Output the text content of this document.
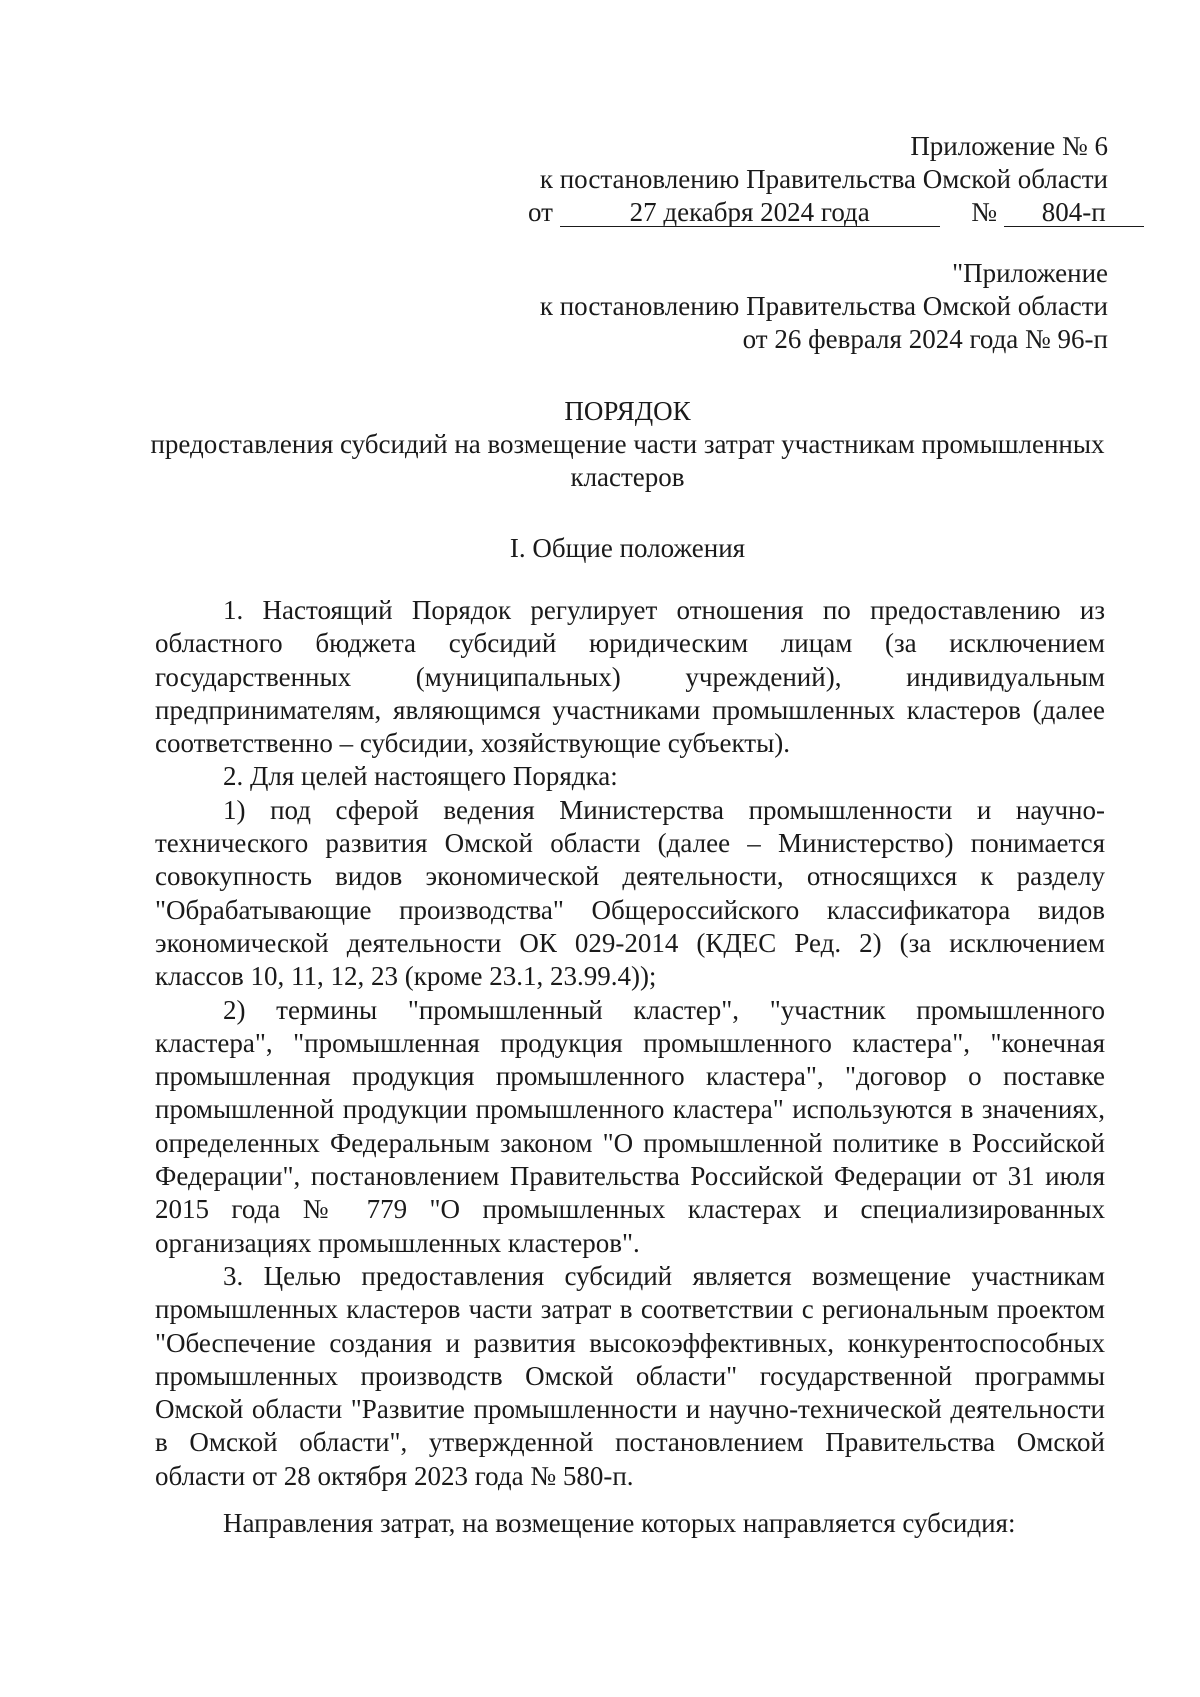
Приложение № 6
к постановлению Правительства Омской области
от	27 декабря 2024 года	№ 804-п
"Приложение
к постановлению Правительства Омской области
от 26 февраля 2024 года № 96-п
ПОРЯДОК
предоставления субсидий на возмещение части затрат участникам промышленных кластеров
I. Общие положения

1. Настоящий Порядок регулирует отношения по предоставлению из областного бюджета субсидий юридическим лицам (за исключением государственных (муниципальных) учреждений), индивидуальным предпринимателям, являющимся участниками промышленных кластеров (далее соответственно – субсидии, хозяйствующие субъекты).

2. Для целей настоящего Порядка:

1) под сферой ведения Министерства промышленности и научно-технического развития Омской области (далее – Министерство) понимается совокупность видов экономической деятельности, относящихся к разделу "Обрабатывающие производства" Общероссийского классификатора видов экономической деятельности ОК 029-2014 (КДЕС Ред. 2) (за исключением классов 10, 11, 12, 23 (кроме 23.1, 23.99.4));

2) термины "промышленный кластер", "участник промышленного кластера", "промышленная продукция промышленного кластера", "конечная промышленная продукция промышленного кластера", "договор о поставке промышленной продукции промышленного кластера" используются в значениях, определенных Федеральным законом "О промышленной политике в Российской Федерации", постановлением Правительства Российской Федерации от 31 июля 2015 года № 779 "О промышленных кластерах и специализированных организациях промышленных кластеров".

3. Целью предоставления субсидий является возмещение участникам промышленных кластеров части затрат в соответствии с региональным проектом "Обеспечение создания и развития высокоэффективных, конкурентоспособных промышленных производств Омской области" государственной программы Омской области "Развитие промышленности и научно-технической деятельности в Омской области", утвержденной постановлением Правительства Омской области от 28 октября 2023 года № 580-п.

Направления затрат, на возмещение которых направляется субсидия:
